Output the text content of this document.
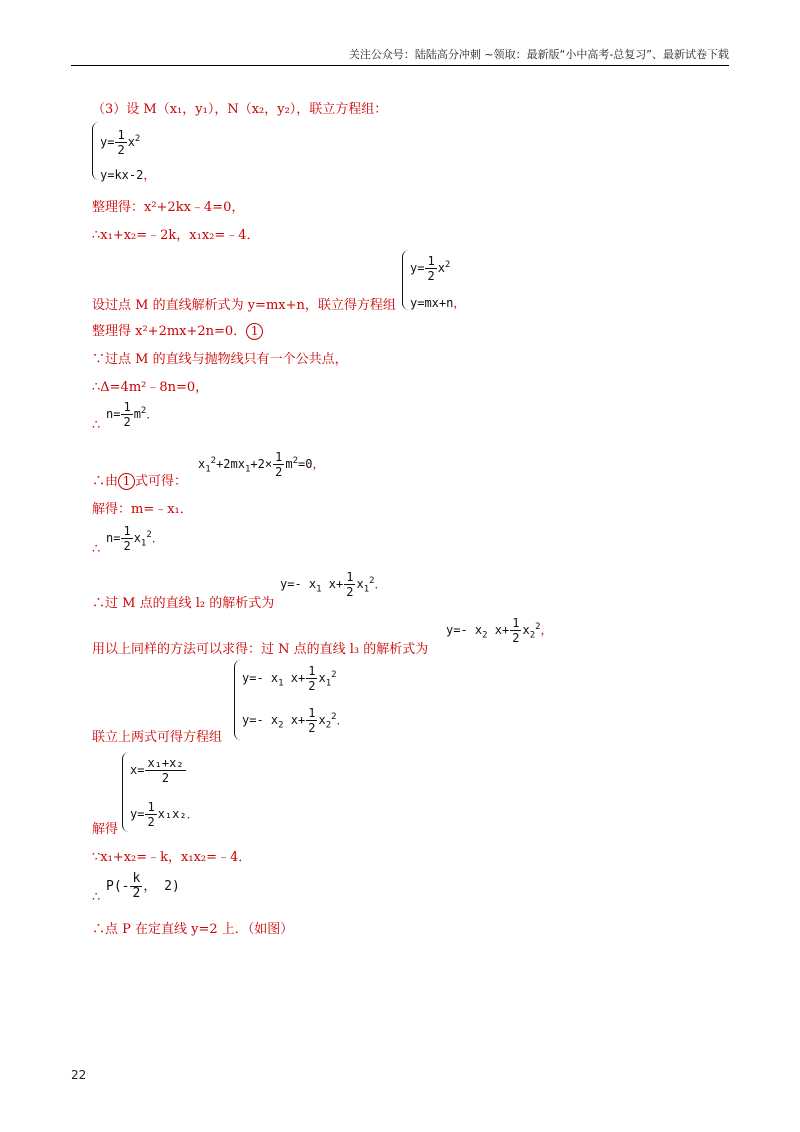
关注公众号：陆陆高分冲刺 ~领取：最新版“小中高考-总复习”、最新试卷下载
（3）设 M（x₁，y₁），N（x₂，y₂），联立方程组：
$y= \frac{1}{2} x^2$
y=kx-2，
整理得：x²+2kx﹣4=0，
∴x₁+x₂=﹣2k，x₁x₂=﹣4．
$y= \frac{1}{2} x^2$
y=mx+n，
设过点 M 的直线解析式为 y=mx+n，联立得方程组
整理得 x²+2mx+2n=0． 1
∵过点 M 的直线与抛物线只有一个公共点，
∴Δ=4m²﹣8n=0，
∴
$n= \frac{1}{2} m^2$．
∴由 1 式可得：
$x_1^2+2mx_1+2\times \frac{1}{2} m^2=0$，
解得：m=﹣x₁．
∴
$n= \frac{1}{2} x_1^2$．
∴过 M 点的直线 l₂ 的解析式为
y=- $x_1$ $x+ \frac{1}{2} x_1^2$．
用以上同样的方法可以求得：过 N 点的直线 l₃ 的解析式为
y=- $x_2$ $x+ \frac{1}{2} x_2^2$，
y=- $x_1$ $x+ \frac{1}{2} x_1^2$
y=- $x_2$ $x+ \frac{1}{2} x_2^2$．
联立上两式可得方程组
$x= \frac{\text{x₁+x₂}}{2}$
$y= \frac{1}{2} x_1x_2$．
解得
∵x₁+x₂=﹣k，x₁x₂=﹣4．
∴
$P(- \frac{k}{2}$ ， 2)
∴点 P 在定直线 y=2 上．（如图）
22
